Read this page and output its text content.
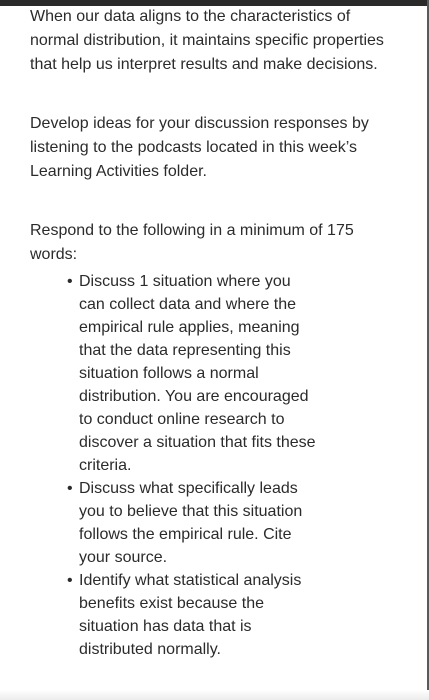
When our data aligns to the characteristics of normal distribution, it maintains specific properties that help us interpret results and make decisions.

Develop ideas for your discussion responses by listening to the podcasts located in this week’s Learning Activities folder.

Respond to the following in a minimum of 175 words:

• Discuss 1 situation where you can collect data and where the empirical rule applies, meaning that the data representing this situation follows a normal distribution. You are encouraged to conduct online research to discover a situation that fits these criteria.
• Discuss what specifically leads you to believe that this situation follows the empirical rule. Cite your source.
• Identify what statistical analysis benefits exist because the situation has data that is distributed normally.
